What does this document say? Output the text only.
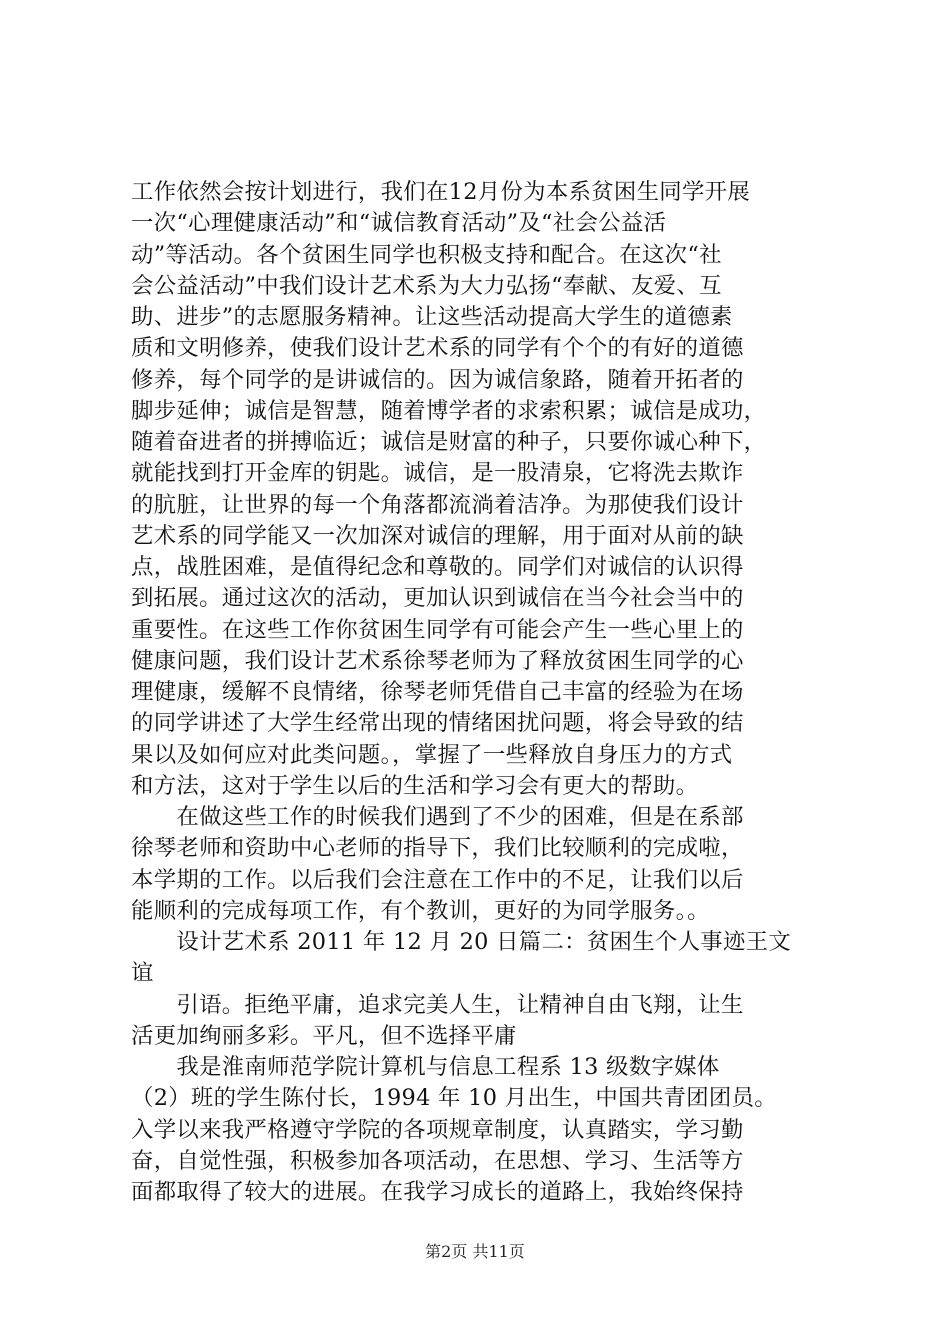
工作依然会按计划进行，我们在12月份为本系贫困生同学开展
一次“心理健康活动”和“诚信教育活动”及“社会公益活
动”等活动。各个贫困生同学也积极支持和配合。在这次“社
会公益活动”中我们设计艺术系为大力弘扬“奉献、友爱、互
助、进步”的志愿服务精神。让这些活动提高大学生的道德素
质和文明修养，使我们设计艺术系的同学有个个的有好的道德
修养，每个同学的是讲诚信的。因为诚信象路，随着开拓者的
脚步延伸；诚信是智慧，随着博学者的求索积累；诚信是成功，
随着奋进者的拼搏临近；诚信是财富的种子，只要你诚心种下，
就能找到打开金库的钥匙。诚信，是一股清泉，它将洗去欺诈
的肮脏，让世界的每一个角落都流淌着洁净。为那使我们设计
艺术系的同学能又一次加深对诚信的理解，用于面对从前的缺
点，战胜困难，是值得纪念和尊敬的。同学们对诚信的认识得
到拓展。通过这次的活动，更加认识到诚信在当今社会当中的
重要性。在这些工作你贫困生同学有可能会产生一些心里上的
健康问题，我们设计艺术系徐琴老师为了释放贫困生同学的心
理健康，缓解不良情绪，徐琴老师凭借自己丰富的经验为在场
的同学讲述了大学生经常出现的情绪困扰问题，将会导致的结
果以及如何应对此类问题。，掌握了一些释放自身压力的方式
和方法，这对于学生以后的生活和学习会有更大的帮助。
　　在做这些工作的时候我们遇到了不少的困难，但是在系部
徐琴老师和资助中心老师的指导下，我们比较顺利的完成啦，
本学期的工作。以后我们会注意在工作中的不足，让我们以后
能顺利的完成每项工作，有个教训，更好的为同学服务。。
　　设计艺术系 2011 年 12 月 20 日篇二：贫困生个人事迹王文
谊
　　引语。拒绝平庸，追求完美人生，让精神自由飞翔，让生
活更加绚丽多彩。平凡，但不选择平庸
　　我是淮南师范学院计算机与信息工程系 13 级数字媒体
（2）班的学生陈付长，1994 年 10 月出生，中国共青团团员。
入学以来我严格遵守学院的各项规章制度，认真踏实，学习勤
奋，自觉性强，积极参加各项活动，在思想、学习、生活等方
面都取得了较大的进展。在我学习成长的道路上，我始终保持
第2页 共11页
